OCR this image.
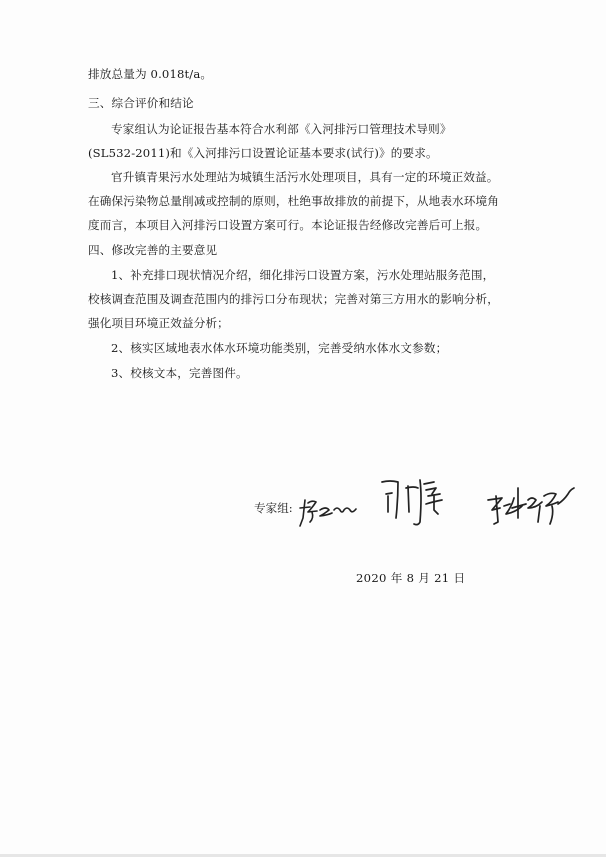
排放总量为 0.018t/a。
三、综合评价和结论
专家组认为论证报告基本符合水利部《入河排污口管理技术导则》
(SL532-2011)和《入河排污口设置论证基本要求(试行)》的要求。
官升镇青果污水处理站为城镇生活污水处理项目，具有一定的环境正效益。
在确保污染物总量削减或控制的原则，杜绝事故排放的前提下，从地表水环境角
度而言，本项目入河排污口设置方案可行。本论证报告经修改完善后可上报。
四、修改完善的主要意见
1、补充排口现状情况介绍，细化排污口设置方案，污水处理站服务范围，
校核调查范围及调查范围内的排污口分布现状；完善对第三方用水的影响分析，
强化项目环境正效益分析；
2、核实区域地表水体水环境功能类别，完善受纳水体水文参数；
3、校核文本，完善图件。
专家组:
2020 年 8 月 21 日
